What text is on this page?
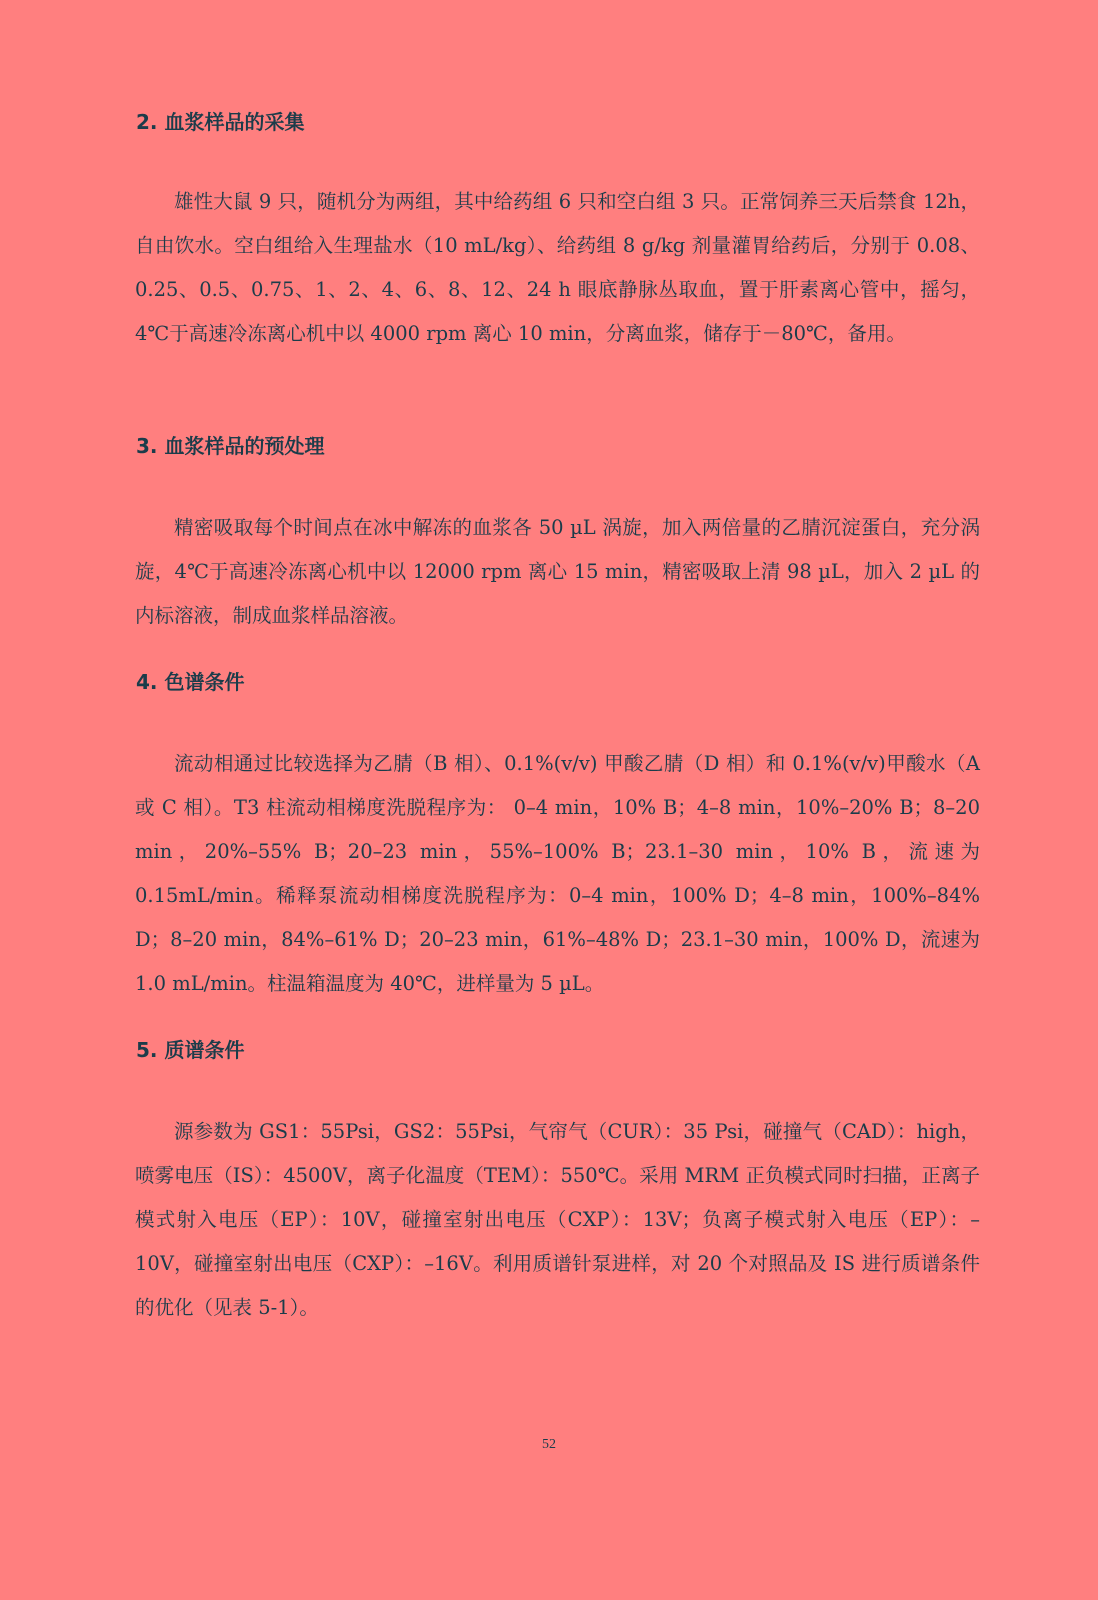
2. 血浆样品的采集

雄性大鼠 9 只，随机分为两组，其中给药组 6 只和空白组 3 只。正常饲养三天后禁食 12h，自由饮水。空白组给入生理盐水（10 mL/kg）、给药组 8 g/kg 剂量灌胃给药后，分别于 0.08、0.25、0.5、0.75、1、2、4、6、8、12、24 h 眼底静脉丛取血，置于肝素离心管中，摇匀，4℃于高速冷冻离心机中以 4000 rpm 离心 10 min，分离血浆，储存于－80℃，备用。

3. 血浆样品的预处理

精密吸取每个时间点在冰中解冻的血浆各 50 µL 涡旋，加入两倍量的乙腈沉淀蛋白，充分涡旋，4℃于高速冷冻离心机中以 12000 rpm 离心 15 min，精密吸取上清 98 µL，加入 2 µL 的内标溶液，制成血浆样品溶液。

4. 色谱条件

流动相通过比较选择为乙腈（B 相）、0.1%(v/v) 甲酸乙腈（D 相）和 0.1%(v/v)甲酸水（A 或 C 相）。T3 柱流动相梯度洗脱程序为： 0–4 min，10% B；4–8 min，10%–20% B；8–20 min，20%–55% B；20–23 min，55%–100% B；23.1–30 min，10% B，流速为 0.15mL/min。稀释泵流动相梯度洗脱程序为：0–4 min，100% D；4–8 min，100%–84% D；8–20 min，84%–61% D；20–23 min，61%–48% D；23.1–30 min，100% D，流速为 1.0 mL/min。柱温箱温度为 40℃，进样量为 5 µL。

5. 质谱条件

源参数为 GS1：55Psi，GS2：55Psi，气帘气（CUR）：35 Psi，碰撞气（CAD）：high，喷雾电压（IS）：4500V，离子化温度（TEM）：550℃。采用 MRM 正负模式同时扫描，正离子模式射入电压（EP）：10V，碰撞室射出电压（CXP）：13V；负离子模式射入电压（EP）：–10V，碰撞室射出电压（CXP）：–16V。利用质谱针泵进样，对 20 个对照品及 IS 进行质谱条件的优化（见表 5-1）。

52
